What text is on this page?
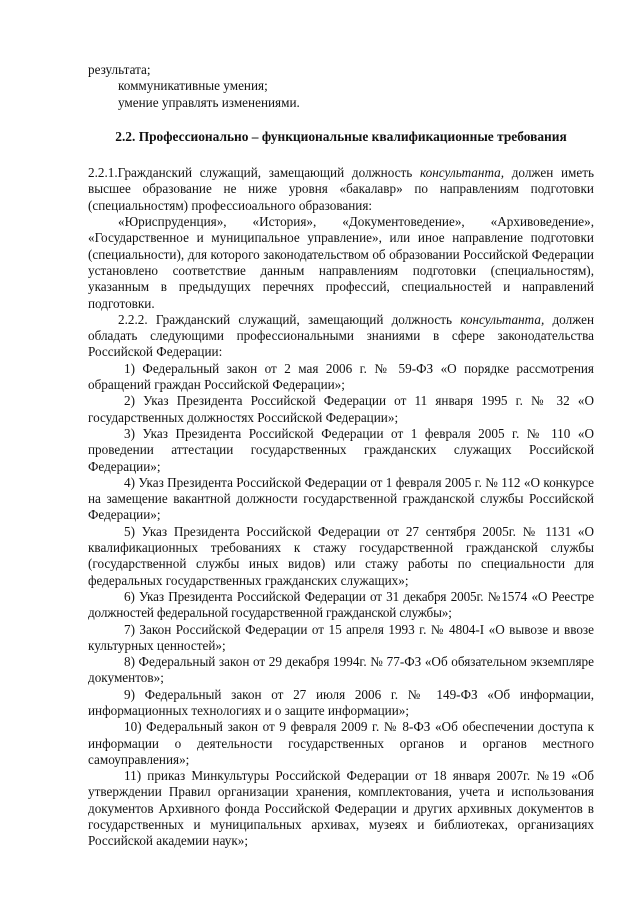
результата;

коммуникативные умения;

умение управлять изменениями.

2.2. Профессионально – функциональные квалификационные требования

2.2.1.Гражданский служащий, замещающий должность консультанта, должен иметь высшее образование не ниже уровня «бакалавр» по направлениям подготовки (специальностям) профессиоального образования:

«Юриспруденция», «История», «Документоведение», «Архивоведение», «Государственное и муниципальное управление», или иное направление подготовки (специальности), для которого законодательством об образовании Российской Федерации установлено соответствие данным направлениям подготовки (специальностям), указанным в предыдущих перечнях профессий, специальностей и направлений подготовки.

2.2.2. Гражданский служащий, замещающий должность консультанта, должен обладать следующими профессиональными знаниями в сфере законодательства Российской Федерации:

1) Федеральный закон от 2 мая 2006 г. № 59-ФЗ «О порядке рассмотрения обращений граждан Российской Федерации»;

2) Указ Президента Российской Федерации от 11 января 1995 г. № 32 «О государственных должностях Российской Федерации»;

3) Указ Президента Российской Федерации от 1 февраля 2005 г. № 110 «О проведении аттестации государственных гражданских служащих Российской Федерации»;

4) Указ Президента Российской Федерации от 1 февраля 2005 г. № 112 «О конкурсе на замещение вакантной должности государственной гражданской службы Российской Федерации»;

5) Указ Президента Российской Федерации от 27 сентября 2005г. № 1131 «О квалификационных требованиях к стажу государственной гражданской службы (государственной службы иных видов) или стажу работы по специальности для федеральных государственных гражданских служащих»;

6) Указ Президента Российской Федерации от 31 декабря 2005г. №1574 «О Реестре должностей федеральной государственной гражданской службы»;

7) Закон Российской Федерации от 15 апреля 1993 г. № 4804-I «О вывозе и ввозе культурных ценностей»;

8) Федеральный закон от 29 декабря 1994г. № 77-ФЗ «Об обязательном экземпляре документов»;

9) Федеральный закон от 27 июля 2006 г. № 149-ФЗ «Об информации, информационных технологиях и о защите информации»;

10) Федеральный закон от 9 февраля 2009 г. № 8-ФЗ «Об обеспечении доступа к информации о деятельности государственных органов и органов местного самоуправления»;

11) приказ Минкультуры Российской Федерации от 18 января 2007г. №19 «Об утверждении Правил организации хранения, комплектования, учета и использования документов Архивного фонда Российской Федерации и других архивных документов в государственных и муниципальных архивах, музеях и библиотеках, организациях Российской академии наук»;
